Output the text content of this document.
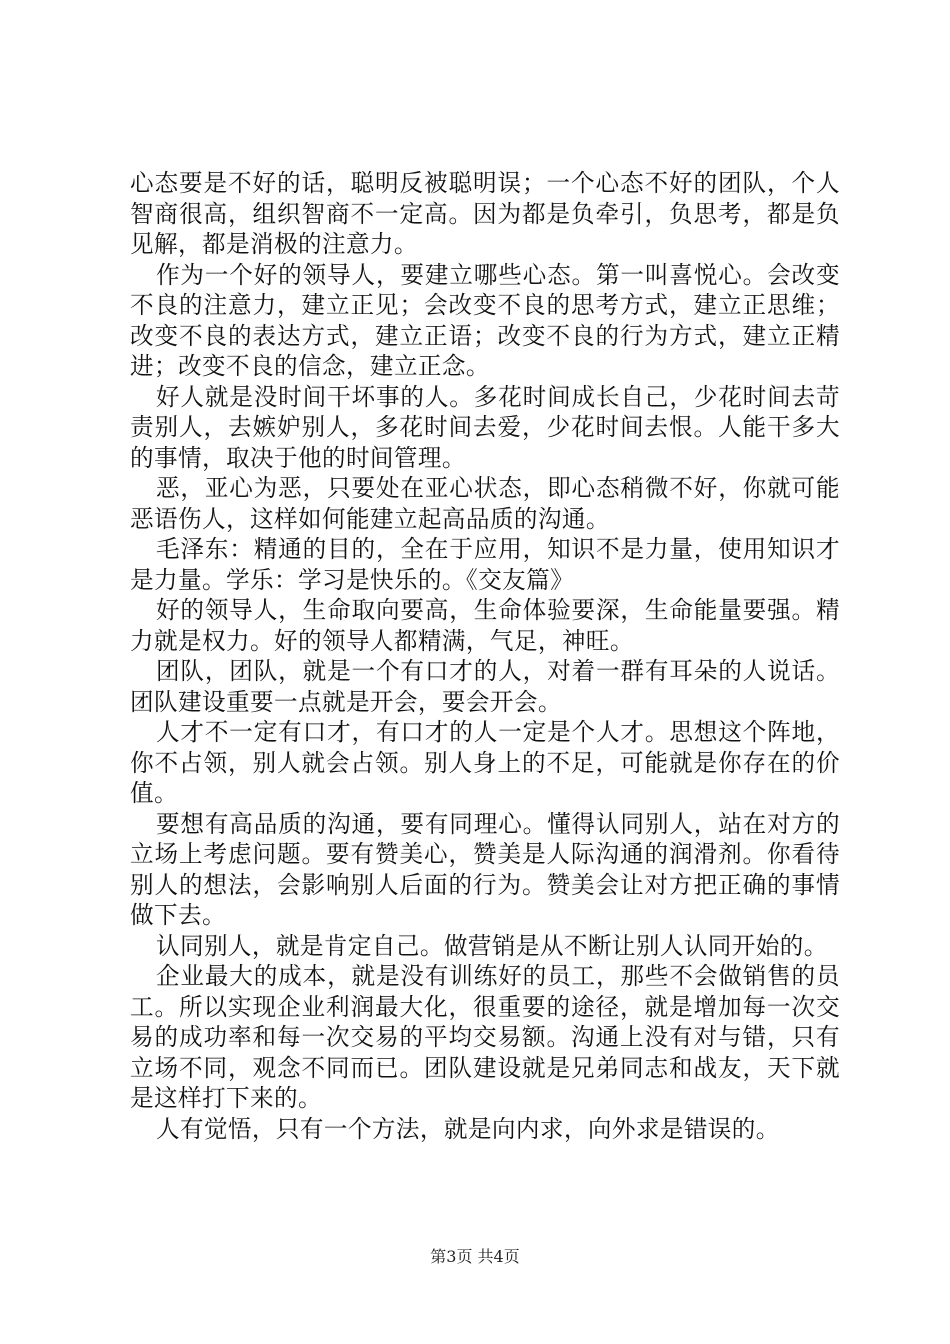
心态要是不好的话，聪明反被聪明误；一个心态不好的团队，个人智商很高，组织智商不一定高。因为都是负牵引，负思考，都是负见解，都是消极的注意力。

作为一个好的领导人，要建立哪些心态。第一叫喜悦心。会改变不良的注意力，建立正见；会改变不良的思考方式，建立正思维；改变不良的表达方式，建立正语；改变不良的行为方式，建立正精进；改变不良的信念，建立正念。

好人就是没时间干坏事的人。多花时间成长自己，少花时间去苛责别人，去嫉妒别人，多花时间去爱，少花时间去恨。人能干多大的事情，取决于他的时间管理。

恶，亚心为恶，只要处在亚心状态，即心态稍微不好，你就可能恶语伤人，这样如何能建立起高品质的沟通。

毛泽东：精通的目的，全在于应用，知识不是力量，使用知识才是力量。学乐：学习是快乐的。《交友篇》

好的领导人，生命取向要高，生命体验要深，生命能量要强。精力就是权力。好的领导人都精满，气足，神旺。

团队，团队，就是一个有口才的人，对着一群有耳朵的人说话。团队建设重要一点就是开会，要会开会。

人才不一定有口才，有口才的人一定是个人才。思想这个阵地，你不占领，别人就会占领。别人身上的不足，可能就是你存在的价值。

要想有高品质的沟通，要有同理心。懂得认同别人，站在对方的立场上考虑问题。要有赞美心，赞美是人际沟通的润滑剂。你看待别人的想法，会影响别人后面的行为。赞美会让对方把正确的事情做下去。

认同别人，就是肯定自己。做营销是从不断让别人认同开始的。

企业最大的成本，就是没有训练好的员工，那些不会做销售的员工。所以实现企业利润最大化，很重要的途径，就是增加每一次交易的成功率和每一次交易的平均交易额。沟通上没有对与错，只有立场不同，观念不同而已。团队建设就是兄弟同志和战友，天下就是这样打下来的。

人有觉悟，只有一个方法，就是向内求，向外求是错误的。

第3页 共4页
